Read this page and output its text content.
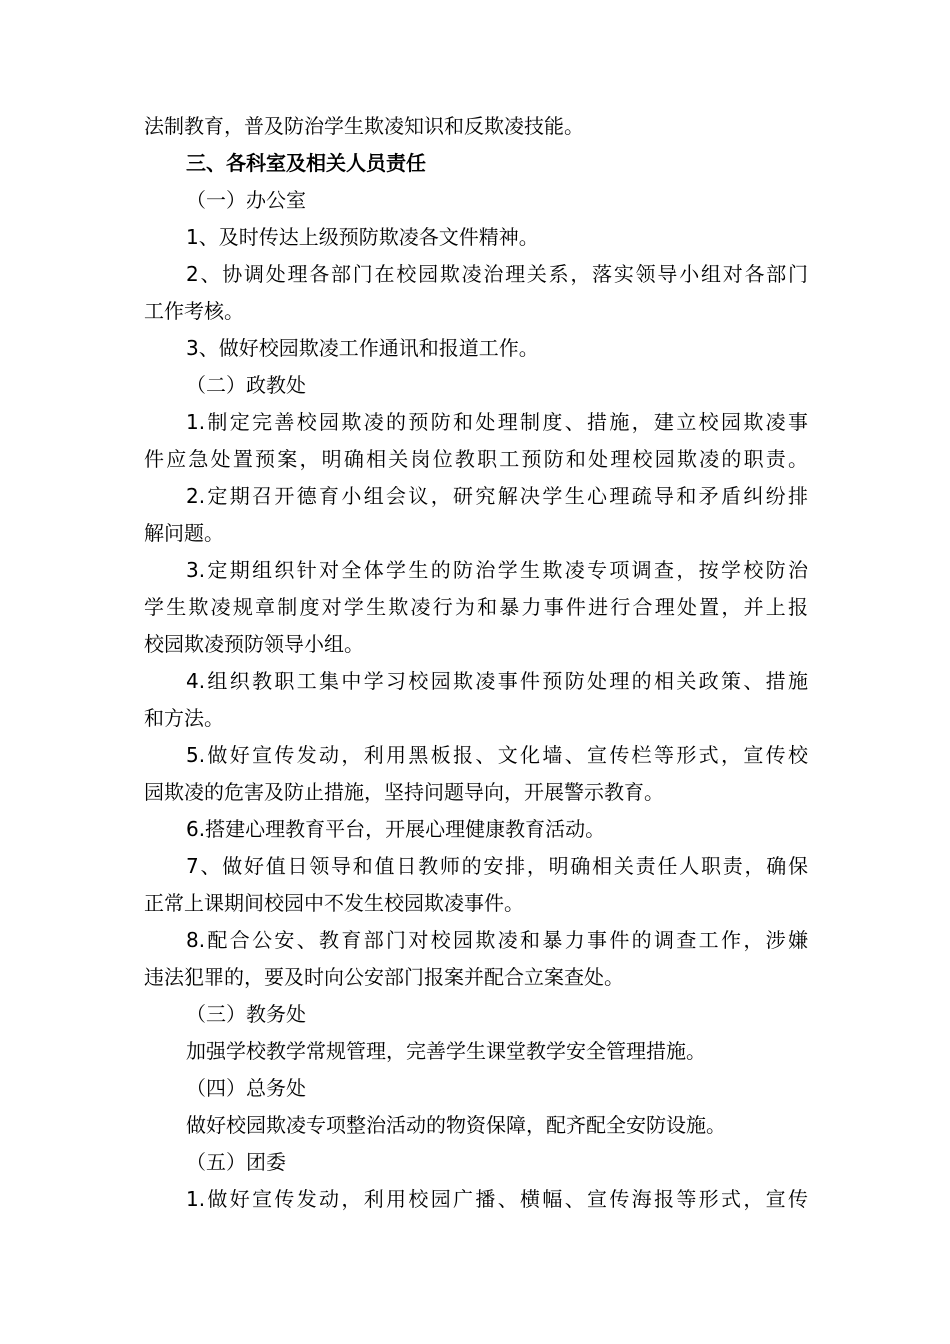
法制教育，普及防治学生欺凌知识和反欺凌技能。
三、各科室及相关人员责任
（一）办公室
1、及时传达上级预防欺凌各文件精神。
2、协调处理各部门在校园欺凌治理关系，落实领导小组对各部门
工作考核。
3、做好校园欺凌工作通讯和报道工作。
（二）政教处
1.制定完善校园欺凌的预防和处理制度、措施，建立校园欺凌事
件应急处置预案，明确相关岗位教职工预防和处理校园欺凌的职责。
2.定期召开德育小组会议，研究解决学生心理疏导和矛盾纠纷排
解问题。
3.定期组织针对全体学生的防治学生欺凌专项调查，按学校防治
学生欺凌规章制度对学生欺凌行为和暴力事件进行合理处置，并上报
校园欺凌预防领导小组。
4.组织教职工集中学习校园欺凌事件预防处理的相关政策、措施
和方法。
5.做好宣传发动，利用黑板报、文化墙、宣传栏等形式，宣传校
园欺凌的危害及防止措施，坚持问题导向，开展警示教育。
6.搭建心理教育平台，开展心理健康教育活动。
7、做好值日领导和值日教师的安排，明确相关责任人职责，确保
正常上课期间校园中不发生校园欺凌事件。
8.配合公安、教育部门对校园欺凌和暴力事件的调查工作，涉嫌
违法犯罪的，要及时向公安部门报案并配合立案查处。
（三）教务处
加强学校教学常规管理，完善学生课堂教学安全管理措施。
（四）总务处
做好校园欺凌专项整治活动的物资保障，配齐配全安防设施。
（五）团委
1.做好宣传发动，利用校园广播、横幅、宣传海报等形式，宣传
